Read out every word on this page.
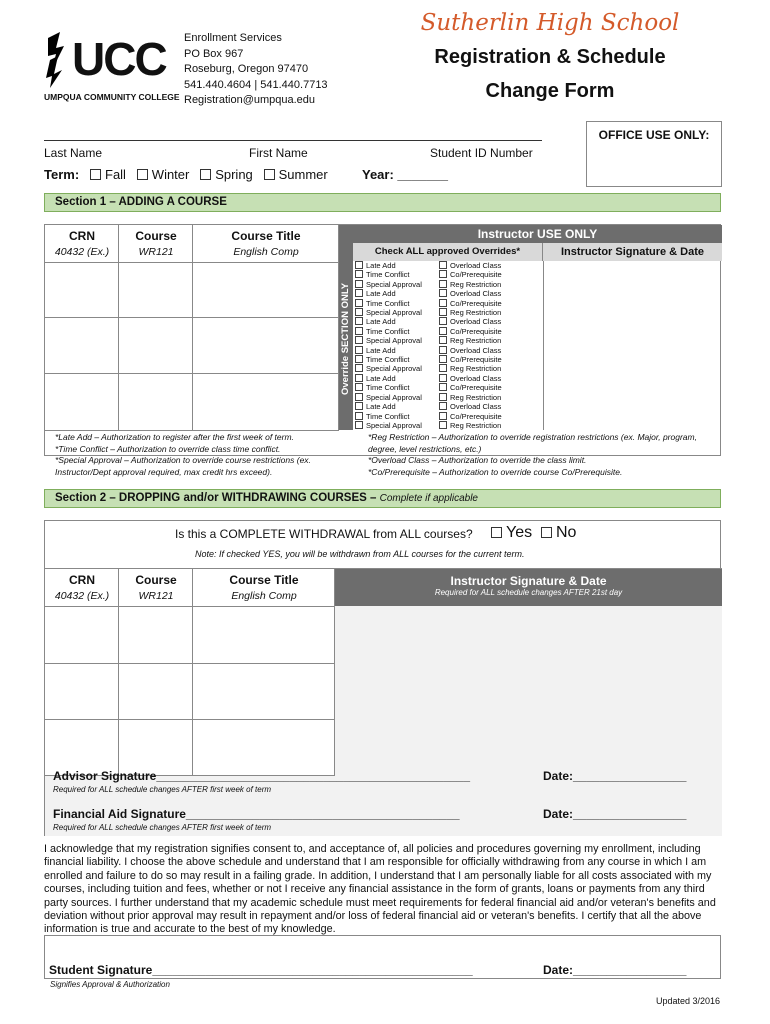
UCC
UMPQUA COMMUNITY COLLEGE
Enrollment Services
PO Box 967
Roseburg, Oregon 97470
541.440.4604 | 541.440.7713
Registration@umpqua.edu
Sutherlin High School
Registration & Schedule
Change Form
OFFICE USE ONLY:
Last Name	First Name	Student ID Number
Term: Fall Winter Spring Summer	Year: _______
Section 1 – ADDING A COURSE
CRN	Course	Course Title
40432 (Ex.)	WR121	English Comp
Override SECTION ONLY
Instructor USE ONLY
Check ALL approved Overrides*	Instructor Signature & Date
Late Add	Overload Class
Time Conflict	Co/Prerequisite
Special Approval	Reg Restriction
Late Add	Overload Class
Time Conflict	Co/Prerequisite
Special Approval	Reg Restriction
Late Add	Overload Class
Time Conflict	Co/Prerequisite
Special Approval	Reg Restriction
Late Add	Overload Class
Time Conflict	Co/Prerequisite
Special Approval	Reg Restriction
Late Add	Overload Class
Time Conflict	Co/Prerequisite
Special Approval	Reg Restriction
Late Add	Overload Class
Time Conflict	Co/Prerequisite
Special Approval	Reg Restriction
*Late Add – Authorization to register after the first week of term.
*Time Conflict – Authorization to override class time conflict.
*Special Approval – Authorization to override course restrictions (ex. Instructor/Dept approval required, max credit hrs exceed).
*Reg Restriction – Authorization to override registration restrictions (ex. Major, program, degree, level restrictions, etc.)
*Overload Class – Authorization to override the class limit.
*Co/Prerequisite – Authorization to override course Co/Prerequisite.
Section 2 – DROPPING and/or WITHDRAWING COURSES – Complete if applicable
Is this a COMPLETE WITHDRAWAL from ALL courses?	Yes No
Note: If checked YES, you will be withdrawn from ALL courses for the current term.
CRN	Course	Course Title
40432 (Ex.)	WR121	English Comp
Instructor Signature & Date
Required for ALL schedule changes AFTER 21st day
Advisor Signature_______________________________________________	Date:_________________
Required for ALL schedule changes AFTER first week of term
Financial Aid Signature_________________________________________	Date:_________________
Required for ALL schedule changes AFTER first week of term
I acknowledge that my registration signifies consent to, and acceptance of, all policies and procedures governing my enrollment, including financial liability. I choose the above schedule and understand that I am responsible for officially withdrawing from any course in which I am enrolled and failure to do so may result in a failing grade. In addition, I understand that I am personally liable for all costs associated with my courses, including tuition and fees, whether or not I receive any financial assistance in the form of grants, loans or payments from any third party sources. I further understand that my academic schedule must meet requirements for federal financial aid and/or veteran's benefits and deviation without prior approval may result in repayment and/or loss of federal financial aid or veteran's benefits. I certify that all the above information is true and accurate to the best of my knowledge.
Student Signature________________________________________________	Date:_________________
Signifies Approval & Authorization
Updated 3/2016
